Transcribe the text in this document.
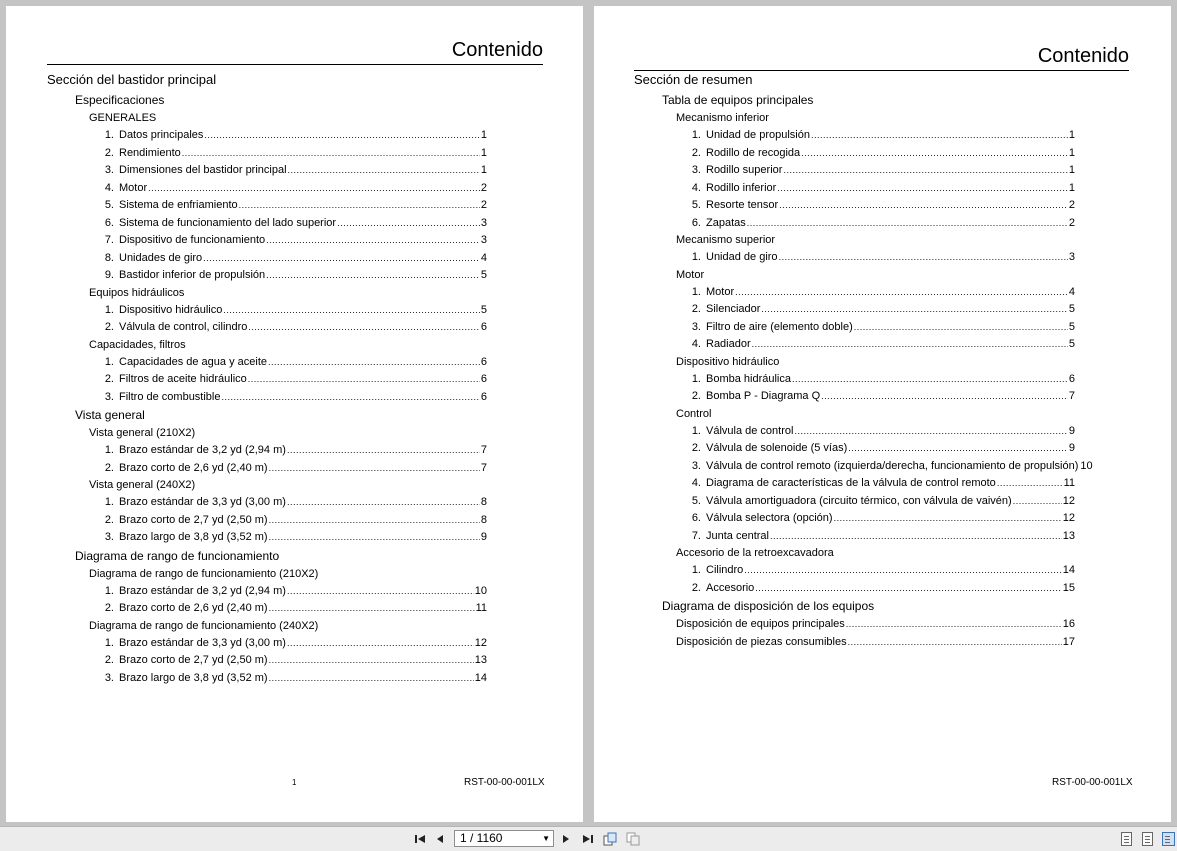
Contenido
Sección del bastidor principal
Especificaciones
GENERALES
1. Datos principales .....	1
2. Rendimiento .....	1
3. Dimensiones del bastidor principal .....	1
4. Motor .....	2
5. Sistema de enfriamiento .....	2
6. Sistema de funcionamiento del lado superior .....	3
7. Dispositivo de funcionamiento .....	3
8. Unidades de giro .....	4
9. Bastidor inferior de propulsión .....	5
Equipos hidráulicos
1. Dispositivo hidráulico .....	5
2. Válvula de control, cilindro .....	6
Capacidades, filtros
1. Capacidades de agua y aceite .....	6
2. Filtros de aceite hidráulico .....	6
3. Filtro de combustible .....	6
Vista general
Vista general (210X2)
1. Brazo estándar de 3,2 yd (2,94 m) .....	7
2. Brazo corto de 2,6 yd (2,40 m) .....	7
Vista general (240X2)
1. Brazo estándar de 3,3 yd (3,00 m) .....	8
2. Brazo corto de 2,7 yd (2,50 m) .....	8
3. Brazo largo de 3,8 yd (3,52 m) .....	9
Diagrama de rango de funcionamiento
Diagrama de rango de funcionamiento (210X2)
1. Brazo estándar de 3,2 yd (2,94 m) .....	10
2. Brazo corto de 2,6 yd (2,40 m) .....	11
Diagrama de rango de funcionamiento (240X2)
1. Brazo estándar de 3,3 yd (3,00 m) .....	12
2. Brazo corto de 2,7 yd (2,50 m) .....	13
3. Brazo largo de 3,8 yd (3,52 m) .....	14
1	RST-00-00-001LX
Contenido
Sección de resumen
Tabla de equipos principales
Mecanismo inferior
1. Unidad de propulsión .....	1
2. Rodillo de recogida .....	1
3. Rodillo superior .....	1
4. Rodillo inferior .....	1
5. Resorte tensor .....	2
6. Zapatas .....	2
Mecanismo superior
1. Unidad de giro .....	3
Motor
1. Motor .....	4
2. Silenciador .....	5
3. Filtro de aire (elemento doble) .....	5
4. Radiador .....	5
Dispositivo hidráulico
1. Bomba hidráulica .....	6
2. Bomba P - Diagrama Q .....	7
Control
1. Válvula de control .....	9
2. Válvula de solenoide (5 vías) .....	9
3. Válvula de control remoto (izquierda/derecha, funcionamiento de propulsión) 10
4. Diagrama de características de la válvula de control remoto .....	11
5. Válvula amortiguadora (circuito térmico, con válvula de vaivén) .....	12
6. Válvula selectora (opción) .....	12
7. Junta central .....	13
Accesorio de la retroexcavadora
1. Cilindro .....	14
2. Accesorio .....	15
Diagrama de disposición de los equipos
Disposición de equipos principales .....	16
Disposición de piezas consumibles .....	17
RST-00-00-001LX
1 / 1160	▼
